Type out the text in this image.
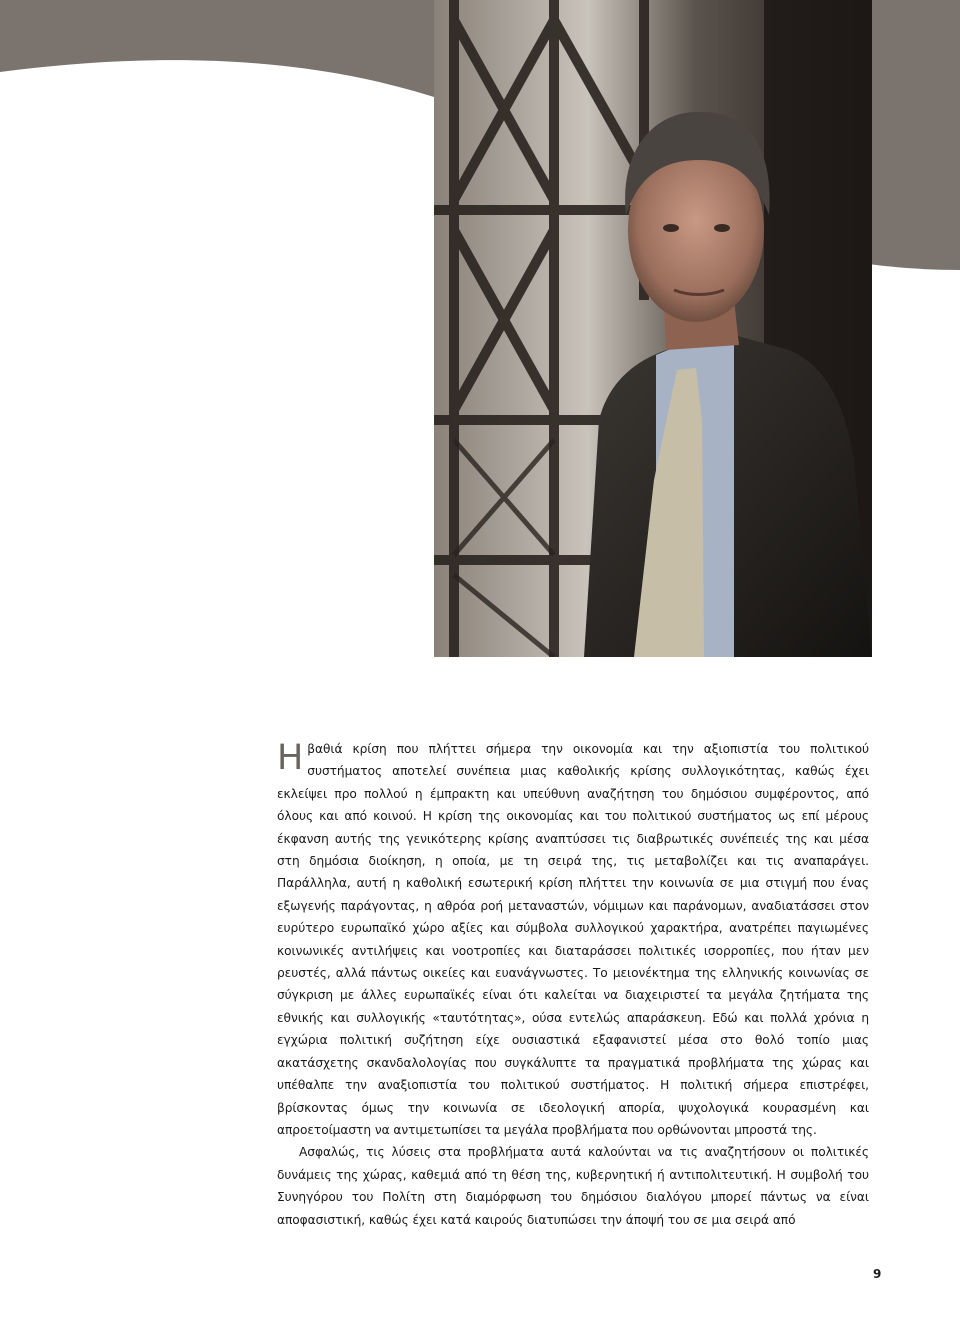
Ηβαθιά κρίση που πλήττει σήμερα την οικονομία και την αξιοπιστία του πολιτικού συστήματος αποτελεί συνέπεια μιας καθολικής κρίσης συλλογικότητας, καθώς έχει εκλείψει προ πολλού η έμπρακτη και υπεύθυνη αναζήτηση του δημόσιου συμφέροντος, από όλους και από κοινού. Η κρίση της οικονομίας και του πολιτικού συστήματος ως επί μέρους έκφανση αυτής της γενικότερης κρίσης αναπτύσσει τις διαβρωτικές συνέπειές της και μέσα στη δημόσια διοίκηση, η οποία, με τη σειρά της, τις μεταβολίζει και τις αναπαράγει. Παράλληλα, αυτή η καθολική εσωτερική κρίση πλήττει την κοινωνία σε μια στιγμή που ένας εξωγενής παράγοντας, η αθρόα ροή μεταναστών, νόμιμων και παράνομων, αναδιατάσσει στον ευρύτερο ευρωπαϊκό χώρο αξίες και σύμβολα συλλογικού χαρακτήρα, ανατρέπει παγιωμένες κοινωνικές αντιλήψεις και νοοτροπίες και διαταράσσει πολιτικές ισορροπίες, που ήταν μεν ρευστές, αλλά πάντως οικείες και ευανάγνωστες. Το μειονέκτημα της ελληνικής κοινωνίας σε σύγκριση με άλλες ευρωπαϊκές είναι ότι καλείται να διαχειριστεί τα μεγάλα ζητήματα της εθνικής και συλλογικής «ταυτότητας», ούσα εντελώς απαράσκευη. Εδώ και πολλά χρόνια η εγχώρια πολιτική συζήτηση είχε ουσιαστικά εξαφανιστεί μέσα στο θολό τοπίο μιας ακατάσχετης σκανδαλολογίας που συγκάλυπτε τα πραγματικά προβλήματα της χώρας και υπέθαλπε την αναξιοπιστία του πολιτικού συστήματος. Η πολιτική σήμερα επιστρέφει, βρίσκοντας όμως την κοινωνία σε ιδεολογική απορία, ψυχολογικά κουρασμένη και απροετοίμαστη να αντιμετωπίσει τα μεγάλα προβλήματα που ορθώνονται μπροστά της.

Ασφαλώς, τις λύσεις στα προβλήματα αυτά καλούνται να τις αναζητήσουν οι πολιτικές δυνάμεις της χώρας, καθεμιά από τη θέση της, κυβερνητική ή αντιπολιτευτική. Η συμβολή του Συνηγόρου του Πολίτη στη διαμόρφωση του δημόσιου διαλόγου μπορεί πάντως να είναι αποφασιστική, καθώς έχει κατά καιρούς διατυπώσει την άποψή του σε μια σειρά από

9
